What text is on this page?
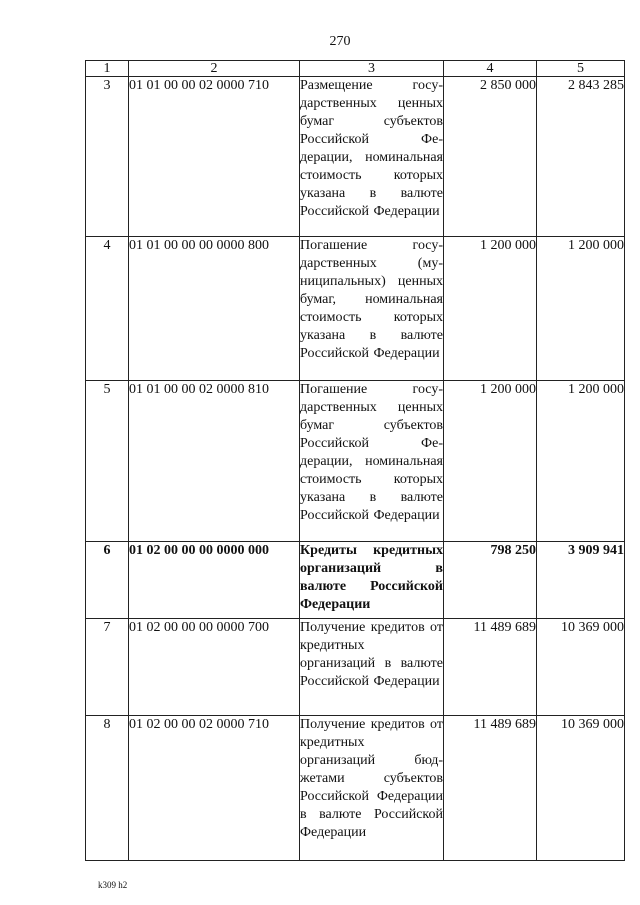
270
1	2	3	4	5
3	01 01 00 00 02 0000 710	Размещение государственных ценных бумаг субъектов Российской Федерации, номинальная стоимость которых указана в валюте Российской Федерации	2 850 000	2 843 285
4	01 01 00 00 00 0000 800	Погашение государственных (муниципальных) ценных бумаг, номинальная стоимость которых указана в валюте Российской Федерации	1 200 000	1 200 000
5	01 01 00 00 02 0000 810	Погашение государственных ценных бумаг субъектов Российской Федерации, номинальная стоимость которых указана в валюте Российской Федерации	1 200 000	1 200 000
6	01 02 00 00 00 0000 000	Кредиты кредитных организаций в валюте Российской Федерации	798 250	3 909 941
7	01 02 00 00 00 0000 700	Получение кредитов от кредитных организаций в валюте Российской Федерации	11 489 689	10 369 000
8	01 02 00 00 02 0000 710	Получение кредитов от кредитных организаций бюджетами субъектов Российской Федерации в валюте Российской Федерации	11 489 689	10 369 000
k309 h2
